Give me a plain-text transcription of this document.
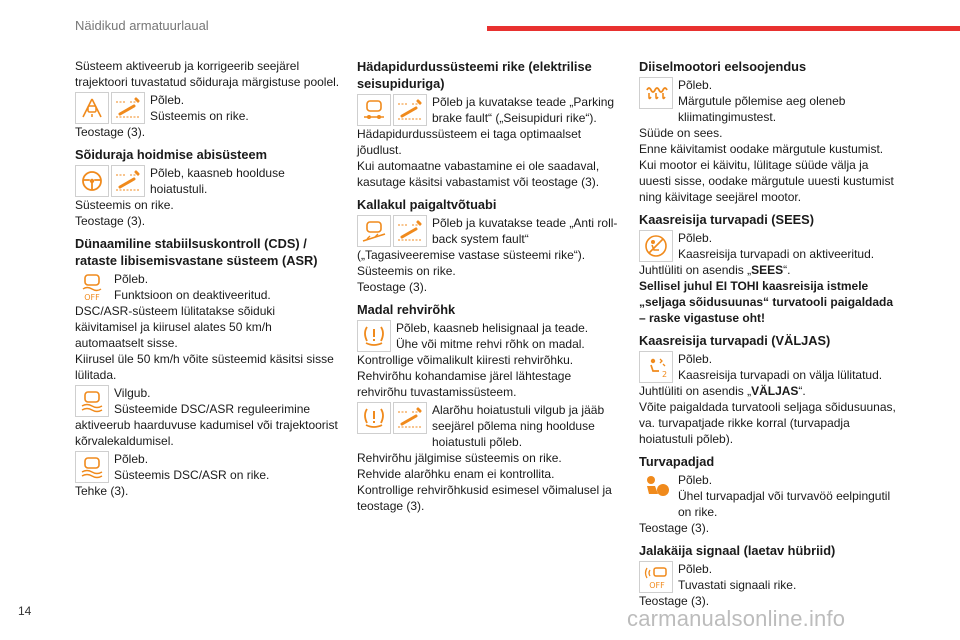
Näidikud armatuurlaual
Süsteem aktiveerub ja korrigeerib seejärel trajektoori tuvastatud sõiduraja märgistuse poolel.
Põleb.
Süsteemis on rike.
Teostage (3).
Sõiduraja hoidmise abisüsteem
Põleb, kaasneb hoolduse hoiatustuli.
Süsteemis on rike.
Teostage (3).
Dünaamiline stabiilsuskontroll (CDS) / rataste libisemisvastane süsteem (ASR)
OFF
Põleb.
Funktsioon on deaktiveeritud.
DSC/ASR-süsteem lülitatakse sõiduki käivitamisel ja kiirusel alates 50 km/h automaatselt sisse.
Kiirusel üle 50 km/h võite süsteemid käsitsi sisse lülitada.
Vilgub.
Süsteemide DSC/ASR reguleerimine aktiveerub haarduvuse kadumisel või trajektoorist kõrvalekaldumisel.
Põleb.
Süsteemis DSC/ASR on rike.
Tehke (3).
Hädapidurdussüsteemi rike (elektrilise seisupiduriga)
Põleb ja kuvatakse teade „Parking brake fault“ („Seisupiduri rike“).
Hädapidurdussüsteem ei taga optimaalset jõudlust.
Kui automaatne vabastamine ei ole saadaval, kasutage käsitsi vabastamist või teostage (3).
Kallakul paigaltvõtuabi
Põleb ja kuvatakse teade „Anti roll-back system fault“
(„Tagasiveeremise vastase süsteemi rike“).
Süsteemis on rike.
Teostage (3).
Madal rehvirõhk
Põleb, kaasneb helisignaal ja teade.
Ühe või mitme rehvi rõhk on madal.
Kontrollige võimalikult kiiresti rehvirõhku.
Rehvirõhu kohandamise järel lähtestage rehvirõhu tuvastamissüsteem.
Alarõhu hoiatustuli vilgub ja jääb seejärel põlema ning hoolduse hoiatustuli põleb.
Rehvirõhu jälgimise süsteemis on rike.
Rehvide alarõhku enam ei kontrollita.
Kontrollige rehvirõhkusid esimesel võimalusel ja teostage (3).
Diiselmootori eelsoojendus
Põleb.
Märgutule põlemise aeg oleneb kliimatingimustest.
Süüde on sees.
Enne käivitamist oodake märgutule kustumist.
Kui mootor ei käivitu, lülitage süüde välja ja uuesti sisse, oodake märgutule uuesti kustumist ning käivitage seejärel mootor.
Kaasreisija turvapadi (SEES)
Põleb.
Kaasreisija turvapadi on aktiveeritud.
Juhtlüliti on asendis „SEES“.
Sellisel juhul EI TOHI kaasreisija istmele „seljaga sõidusuunas“ turvatooli paigaldada – raske vigastuse oht!
Kaasreisija turvapadi (VÄLJAS)
2
Põleb.
Kaasreisija turvapadi on välja lülitatud.
Juhtlüliti on asendis „VÄLJAS“.
Võite paigaldada turvatooli seljaga sõidusuunas, va. turvapatjade rikke korral (turvapadja hoiatustuli põleb).
Turvapadjad
Põleb.
Ühel turvapadjal või turvavöö eelpingutil on rike.
Teostage (3).
Jalakäija signaal (laetav hübriid)
OFF
Põleb.
Tuvastati signaali rike.
Teostage (3).
14	carmanualsonline.info
